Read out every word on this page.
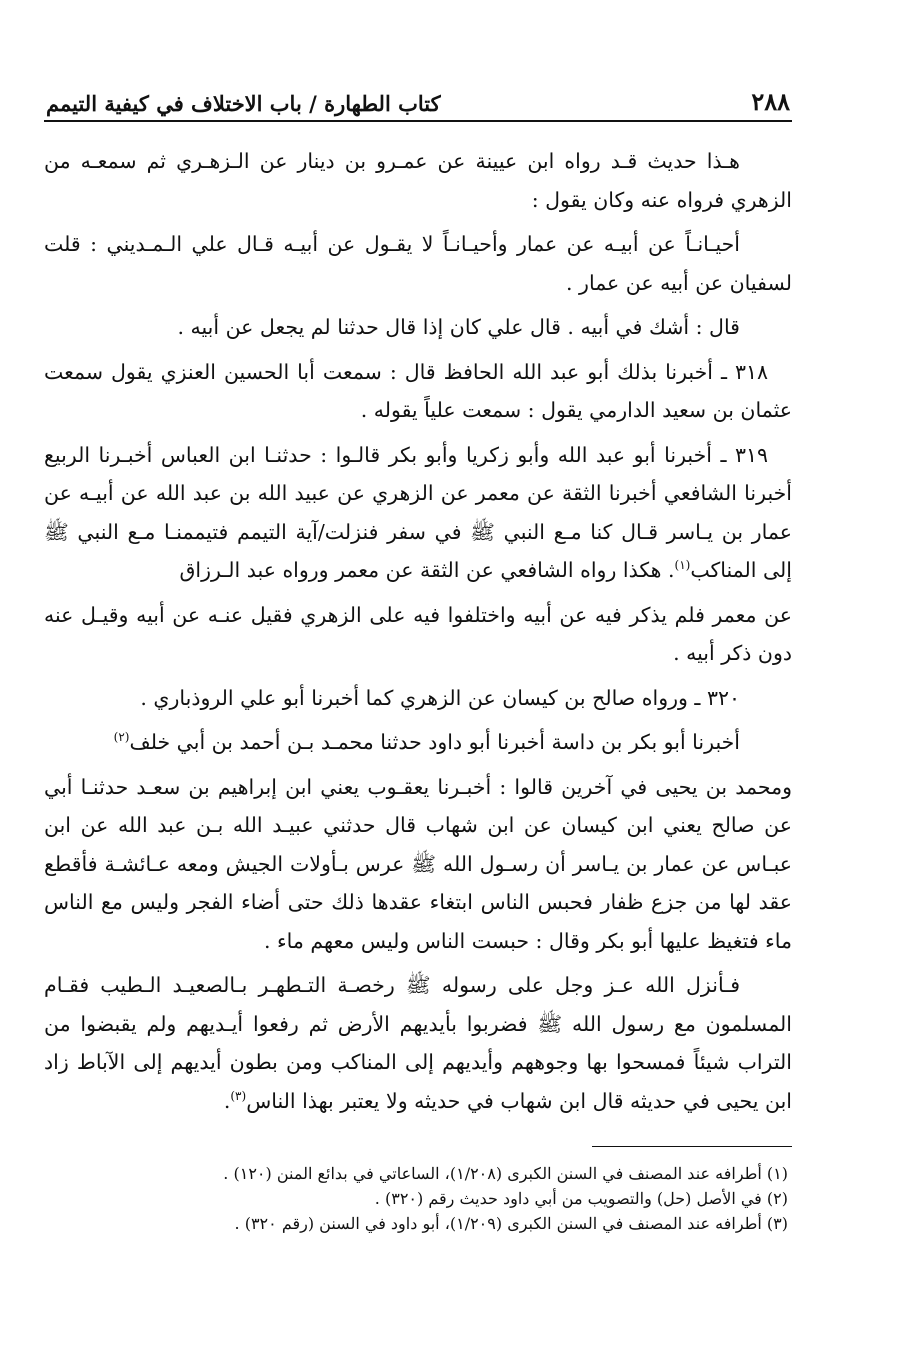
٢٨٨
كتاب الطهارة / باب الاختلاف في كيفية التيمم

هـذا حديث قـد رواه ابن عيينة عن عمـرو بن دينار عن الـزهـري ثم سمعـه من الزهري فرواه عنه وكان يقول :

أحيـانـاً عن أبيـه عن عمار وأحيـانـاً لا يقـول عن أبيـه قـال علي الـمـديني : قلت لسفيان عن أبيه عن عمار .

قال : أشك في أبيه . قال علي كان إذا قال حدثنا لم يجعل عن أبيه .

٣١٨ ـ أخبرنا بذلك أبو عبد الله الحافظ قال : سمعت أبا الحسين العنزي يقول سمعت عثمان بن سعيد الدارمي يقول : سمعت علياً يقوله .

٣١٩ ـ أخبرنا أبو عبد الله وأبو زكريا وأبو بكر قالـوا : حدثنـا ابن العباس أخبـرنا الربيع أخبرنا الشافعي أخبرنا الثقة عن معمر عن الزهري عن عبيد الله بن عبد الله عن أبيـه عن عمار بن يـاسر قـال كنا مـع النبي ﷺ في سفر فنزلت/آية التيمم فتيممنـا مـع النبي ﷺ إلى المناكب$^{(١)}$. هكذا رواه الشافعي عن الثقة عن معمر ورواه عبد الـرزاق

عن معمر فلم يذكر فيه عن أبيه واختلفوا فيه على الزهري فقيل عنـه عن أبيه وقيـل عنه دون ذكر أبيه .

٣٢٠ ـ ورواه صالح بن كيسان عن الزهري كما أخبرنا أبو علي الروذباري .

أخبرنا أبو بكر بن داسة أخبرنا أبو داود حدثنا محمـد بـن أحمد بن أبي خلف$^{(٢)}$

ومحمد بن يحيى في آخرين قالوا : أخبـرنا يعقـوب يعني ابن إبراهيم بن سعـد حدثنـا أبي عن صالح يعني ابن كيسان عن ابن شهاب قال حدثني عبيـد الله بـن عبد الله عن ابن عبـاس عن عمار بن يـاسر أن رسـول الله ﷺ عرس بـأولات الجيش ومعه عـائشـة فأقطع عقد لها من جزع ظفار فحبس الناس ابتغاء عقدها ذلك حتى أضاء الفجر وليس مع الناس ماء فتغيظ عليها أبو بكر وقال : حبست الناس وليس معهم ماء .

فـأنزل الله عـز وجل على رسوله ﷺ رخصـة التـطهـر بـالصعيـد الـطيب فقـام المسلمون مع رسول الله ﷺ فضربوا بأيديهم الأرض ثم رفعوا أيـديهم ولم يقبضوا من التراب شيئاً فمسحوا بها وجوههم وأيديهم إلى المناكب ومن بطون أيديهم إلى الآباط زاد ابن يحيى في حديثه قال ابن شهاب في حديثه ولا يعتبر بهذا الناس$^{(٣)}$.

(١) أطرافه عند المصنف في السنن الكبرى (١/٢٠٨)، الساعاتي في بدائع المنن (١٢٠) .

(٢) في الأصل (حل) والتصويب من أبي داود حديث رقم (٣٢٠) .

(٣) أطرافه عند المصنف في السنن الكبرى (١/٢٠٩)، أبو داود في السنن (رقم ٣٢٠) .
